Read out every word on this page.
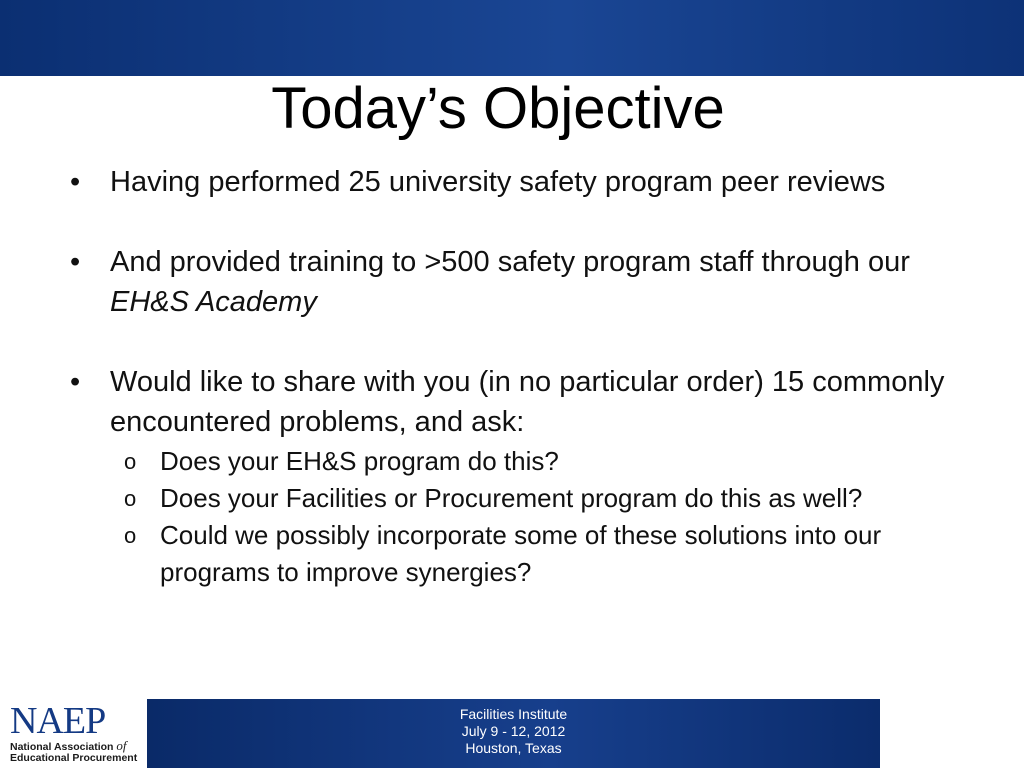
Today’s Objective
• Having performed 25 university safety program peer reviews
• And provided training to >500 safety program staff through our EH&S Academy
• Would like to share with you (in no particular order) 15 commonly encountered problems, and ask:
o Does your EH&S program do this?
o Does your Facilities or Procurement program do this as well?
o Could we possibly incorporate some of these solutions into our programs to improve synergies?
NAEP
National Association of
Educational Procurement
Facilities Institute
July 9 - 12, 2012
Houston, Texas
